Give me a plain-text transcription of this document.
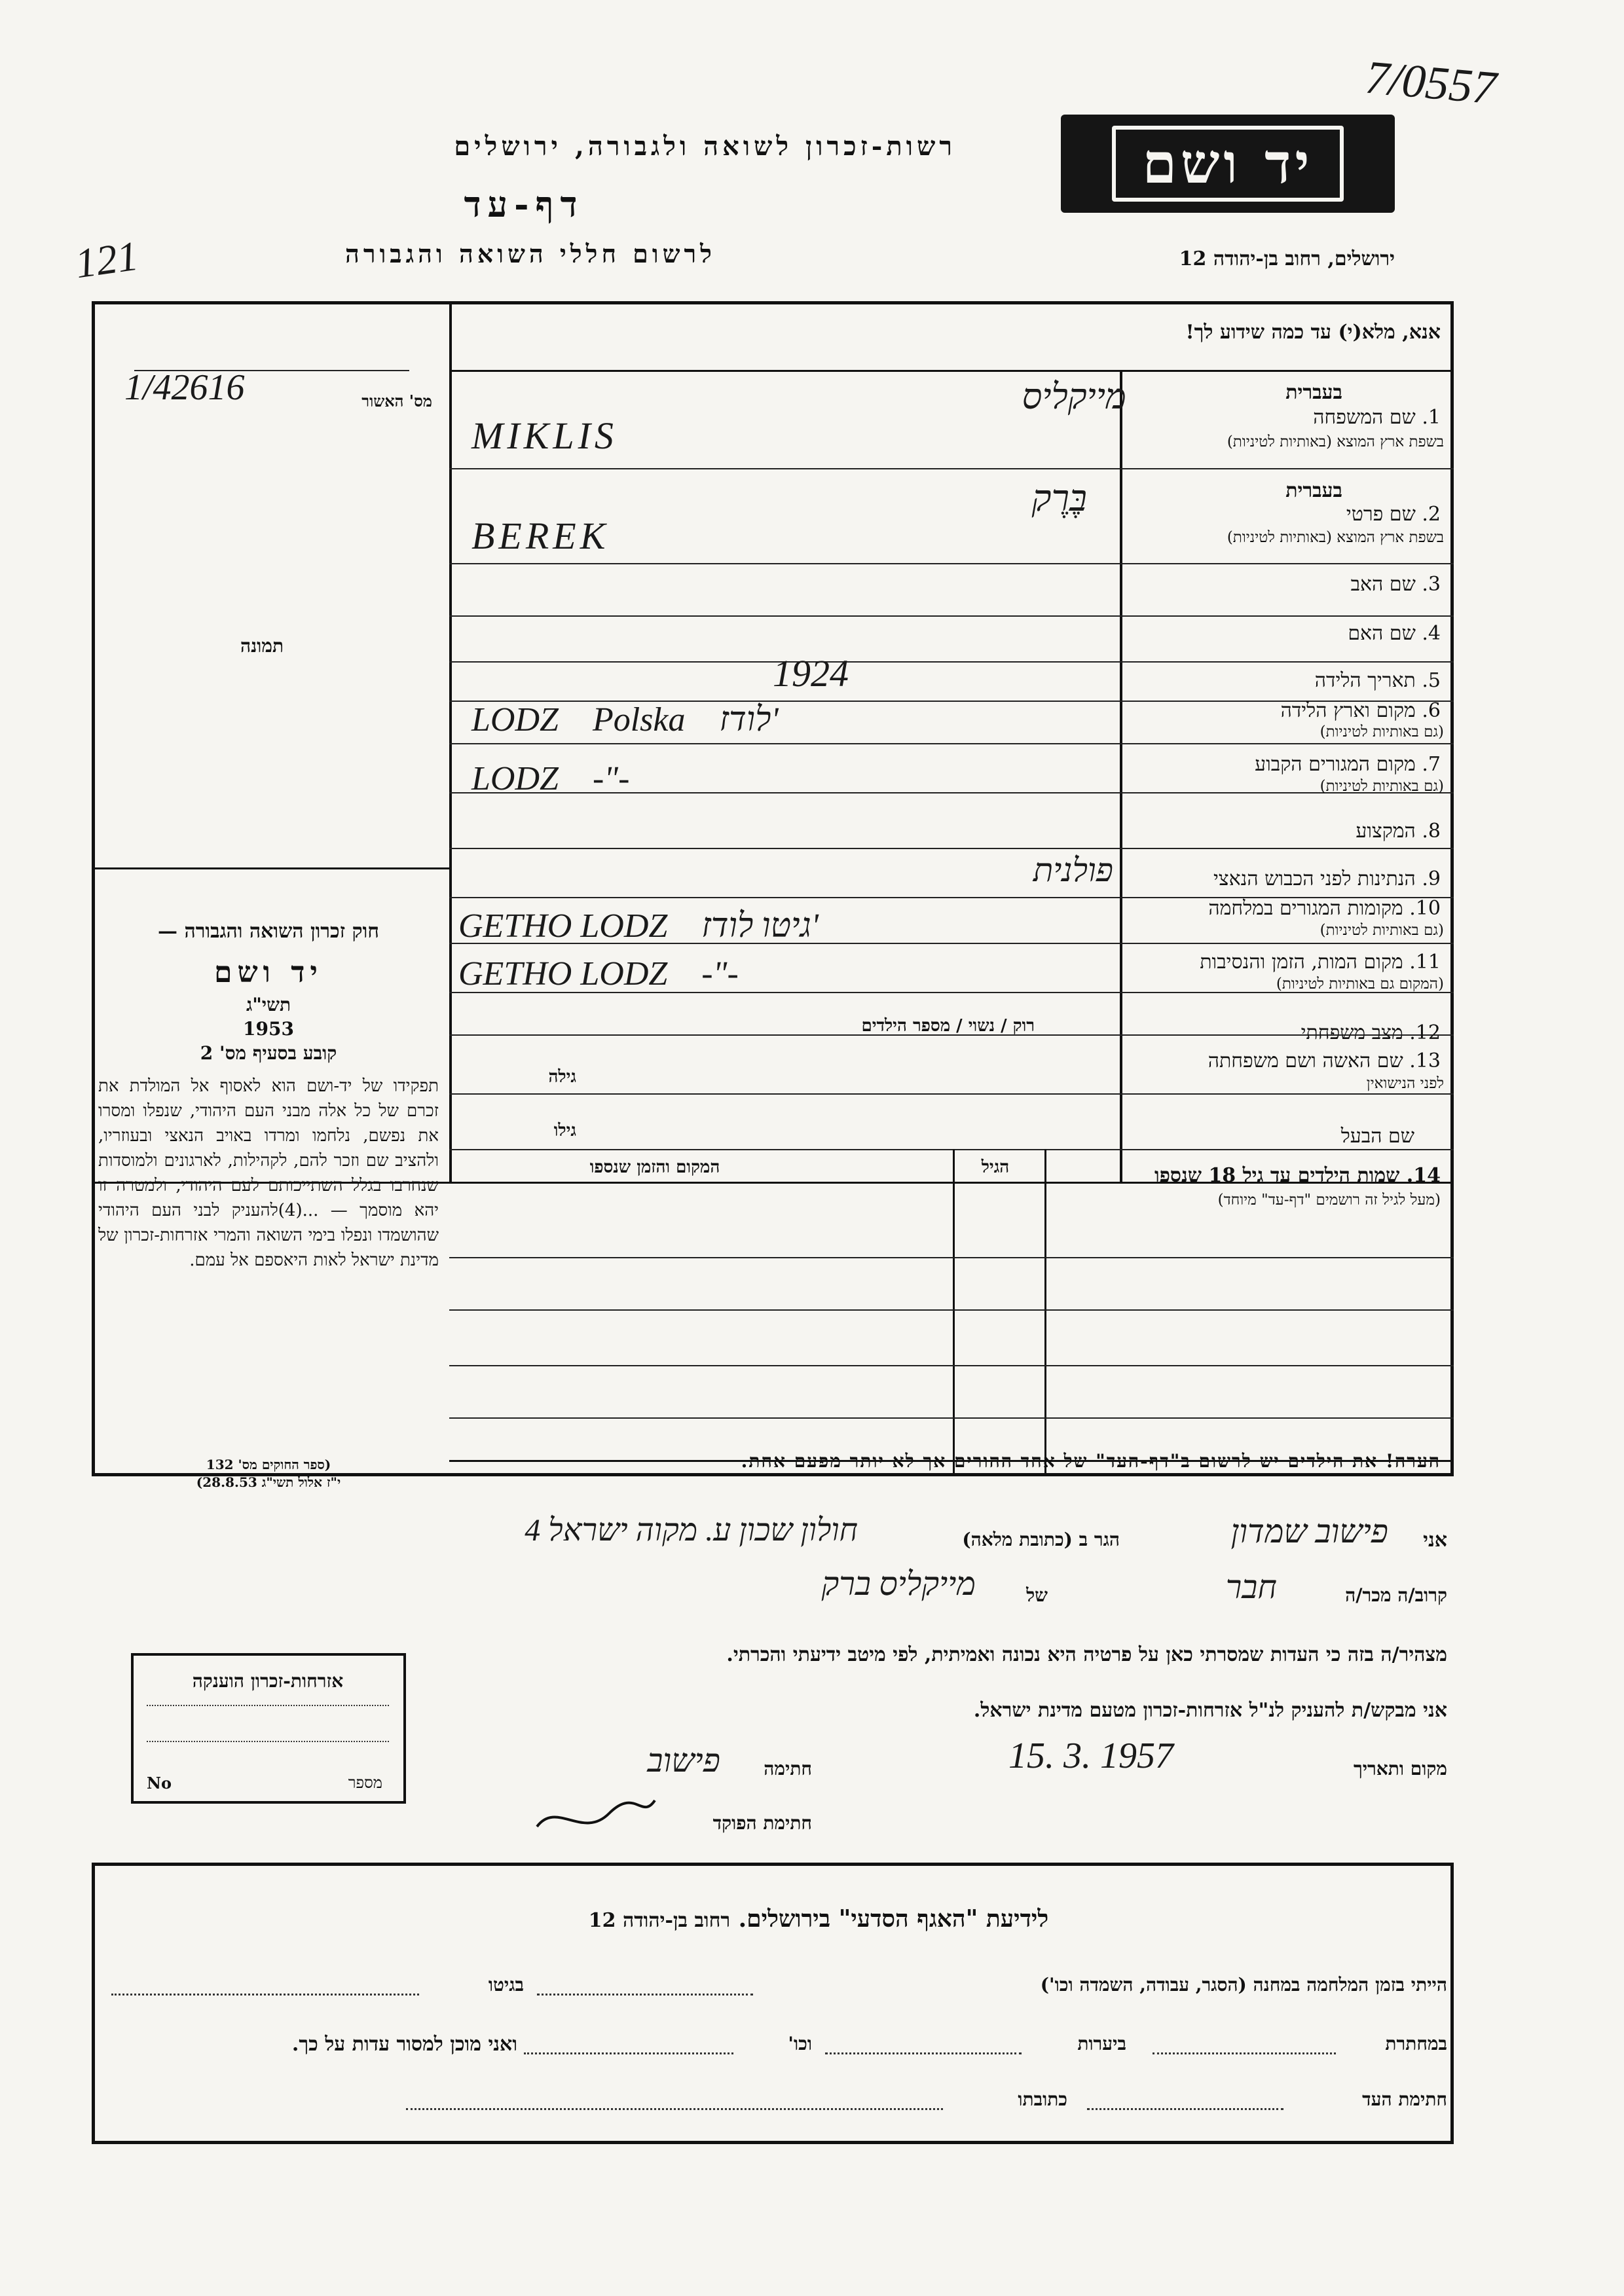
7/0557
121
רשות-זכרון לשואה ולגבורה, ירושלים
דף-עד
לרשום חללי השואה והגבורה
יד ושם
ירושלים, רחוב בן-יהודה 12
אנא, מלא(י) עד כמה שידוע לך!
מס' האשור
1/42616
תמונה
חוק זכרון השואה והגבורה —
יד ושם
תשי"ג
1953
קובע בסעיף מס' 2
תפקידו של יד-ושם הוא לאסוף אל המולדת את זכרם של כל אלה מבני העם היהודי, שנפלו ומסרו את נפשם, נלחמו ומרדו באויב הנאצי ובעוזריו, ולהציב שם וזכר להם, לקהילות, לארגונים ולמוסדות שנחרבו בגלל השתייכותם לעם היהודי, ולמטרה זו יהא מוסמך — ...(4)להעניק לבני העם היהודי שהושמדו ונפלו בימי השואה והמרי אזרחות-זכרון של מדינת ישראל לאות היאספם אל עמם.
(ספר החוקים מס' 132
י"ז אלול תשי"ג 28.8.53)
בעברית
1. שם המשפחה
בשפת ארץ המוצא (באותיות לטיניות)
בעברית
2. שם פרטי
בשפת ארץ המוצא (באותיות לטיניות)
3. שם האב
4. שם האם
5. תאריך הלידה
6. מקום וארץ הלידה
(גם באותיות לטיניות)
7. מקום המגורים הקבוע
(גם באותיות לטיניות)
8. המקצוע
9. הנתינות לפני הכבוש הנאצי
10. מקומות המגורים במלחמה
(גם באותיות לטיניות)
11. מקום המות, הזמן והנסיבות
(המקום גם באותיות לטיניות)
12. מצב משפחתי
13. שם האשה ושם משפחתה
לפני הנישואין
שם הבעל
מייקליס
MIKLIS
בֶּרֶק
BEREK
1924
LODZ    Polska    לודז'
LODZ    -"-
פולנית
GETHO LODZ    גיטו לודז'
GETHO LODZ    -"-
רוק / נשוי / מספר הילדים
גילה
גילו
14. שמות הילדים עד גיל 18 שנספו
(מעל לגיל זה רושמים "דף-עד" מיוחד)
הגיל
המקום והזמן שנספו
הערה! את הילדים יש לרשום ב"דף-העד" של אחד ההורים אך לא יותר מפעם אחת.
אני
פישוב שמדון
הגר ב (כתובת מלאה)
חולון שכון ע. מקוה ישראל 4
קרוב/ה מכר/ה
חבר
של
מייקליס ברק
מצהיר/ה בזה כי העדות שמסרתי כאן על פרטיה היא נכונה ואמיתית, לפי מיטב ידיעתי והכרתי.
אני מבקש/ת להעניק לנ"ל אזרחות-זכרון מטעם מדינת ישראל.
מקום ותאריך
15. 3. 1957
חתימה
פישוב
חתימת הפוקד
אזרחות-זכרון הוענקה
מספר
No
לידיעת "האגף הסדעי" בירושלים. רחוב בן-יהודה 12
הייתי בזמן המלחמה במחנה (הסגר, עבודה, השמדה וכו')
בגיטו
במחתרת
ביערות
וכו'
ואני מוכן למסור עדות על כך.
חתימת העד
כתובתו
